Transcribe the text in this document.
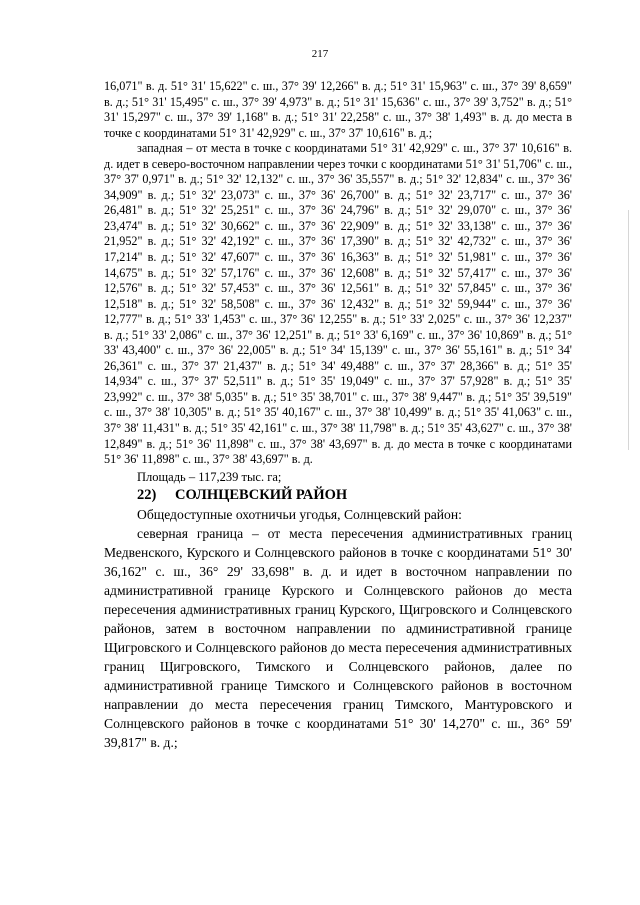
217

16,071" в. д. 51° 31' 15,622" с. ш., 37° 39' 12,266" в. д.; 51° 31' 15,963" с. ш., 37° 39' 8,659" в. д.; 51° 31' 15,495" с. ш., 37° 39' 4,973" в. д.; 51° 31' 15,636" с. ш., 37° 39' 3,752" в. д.; 51° 31' 15,297" с. ш., 37° 39' 1,168" в. д.; 51° 31' 22,258" с. ш., 37° 38' 1,493" в. д. до места в точке с координатами 51° 31' 42,929" с. ш., 37° 37' 10,616" в. д.;

западная – от места в точке с координатами 51° 31' 42,929" с. ш., 37° 37' 10,616" в. д. идет в северо-восточном направлении через точки с координатами 51° 31' 51,706" с. ш., 37° 37' 0,971" в. д.; 51° 32' 12,132" с. ш., 37° 36' 35,557" в. д.; 51° 32' 12,834" с. ш., 37° 36' 34,909" в. д.; 51° 32' 23,073" с. ш., 37° 36' 26,700" в. д.; 51° 32' 23,717" с. ш., 37° 36' 26,481" в. д.; 51° 32' 25,251" с. ш., 37° 36' 24,796" в. д.; 51° 32' 29,070" с. ш., 37° 36' 23,474" в. д.; 51° 32' 30,662" с. ш., 37° 36' 22,909" в. д.; 51° 32' 33,138" с. ш., 37° 36' 21,952" в. д.; 51° 32' 42,192" с. ш., 37° 36' 17,390" в. д.; 51° 32' 42,732" с. ш., 37° 36' 17,214" в. д.; 51° 32' 47,607" с. ш., 37° 36' 16,363" в. д.; 51° 32' 51,981" с. ш., 37° 36' 14,675" в. д.; 51° 32' 57,176" с. ш., 37° 36' 12,608" в. д.; 51° 32' 57,417" с. ш., 37° 36' 12,576" в. д.; 51° 32' 57,453" с. ш., 37° 36' 12,561" в. д.; 51° 32' 57,845" с. ш., 37° 36' 12,518" в. д.; 51° 32' 58,508" с. ш., 37° 36' 12,432" в. д.; 51° 32' 59,944" с. ш., 37° 36' 12,777" в. д.; 51° 33' 1,453" с. ш., 37° 36' 12,255" в. д.; 51° 33' 2,025" с. ш., 37° 36' 12,237" в. д.; 51° 33' 2,086" с. ш., 37° 36' 12,251" в. д.; 51° 33' 6,169" с. ш., 37° 36' 10,869" в. д.; 51° 33' 43,400" с. ш., 37° 36' 22,005" в. д.; 51° 34' 15,139" с. ш., 37° 36' 55,161" в. д.; 51° 34' 26,361" с. ш., 37° 37' 21,437" в. д.; 51° 34' 49,488" с. ш., 37° 37' 28,366" в. д.; 51° 35' 14,934" с. ш., 37° 37' 52,511" в. д.; 51° 35' 19,049" с. ш., 37° 37' 57,928" в. д.; 51° 35' 23,992" с. ш., 37° 38' 5,035" в. д.; 51° 35' 38,701" с. ш., 37° 38' 9,447" в. д.; 51° 35' 39,519" с. ш., 37° 38' 10,305" в. д.; 51° 35' 40,167" с. ш., 37° 38' 10,499" в. д.; 51° 35' 41,063" с. ш., 37° 38' 11,431" в. д.; 51° 35' 42,161" с. ш., 37° 38' 11,798" в. д.; 51° 35' 43,627" с. ш., 37° 38' 12,849" в. д.; 51° 36' 11,898" с. ш., 37° 38' 43,697" в. д. до места в точке с координатами 51° 36' 11,898" с. ш., 37° 38' 43,697" в. д.

Площадь – 117,239 тыс. га;

22) СОЛНЦЕВСКИЙ РАЙОН

Общедоступные охотничьи угодья, Солнцевский район:

северная граница – от места пересечения административных границ Медвенского, Курского и Солнцевского районов в точке с координатами 51° 30' 36,162" с. ш., 36° 29' 33,698" в. д. и идет в восточном направлении по административной границе Курского и Солнцевского районов до места пересечения административных границ Курского, Щигровского и Солнцевского районов, затем в восточном направлении по административной границе Щигровского и Солнцевского районов до места пересечения административных границ Щигровского, Тимского и Солнцевского районов, далее по административной границе Тимского и Солнцевского районов в восточном направлении до места пересечения границ Тимского, Мантуровского и Солнцевского районов в точке с координатами 51° 30' 14,270" с. ш., 36° 59' 39,817" в. д.;
